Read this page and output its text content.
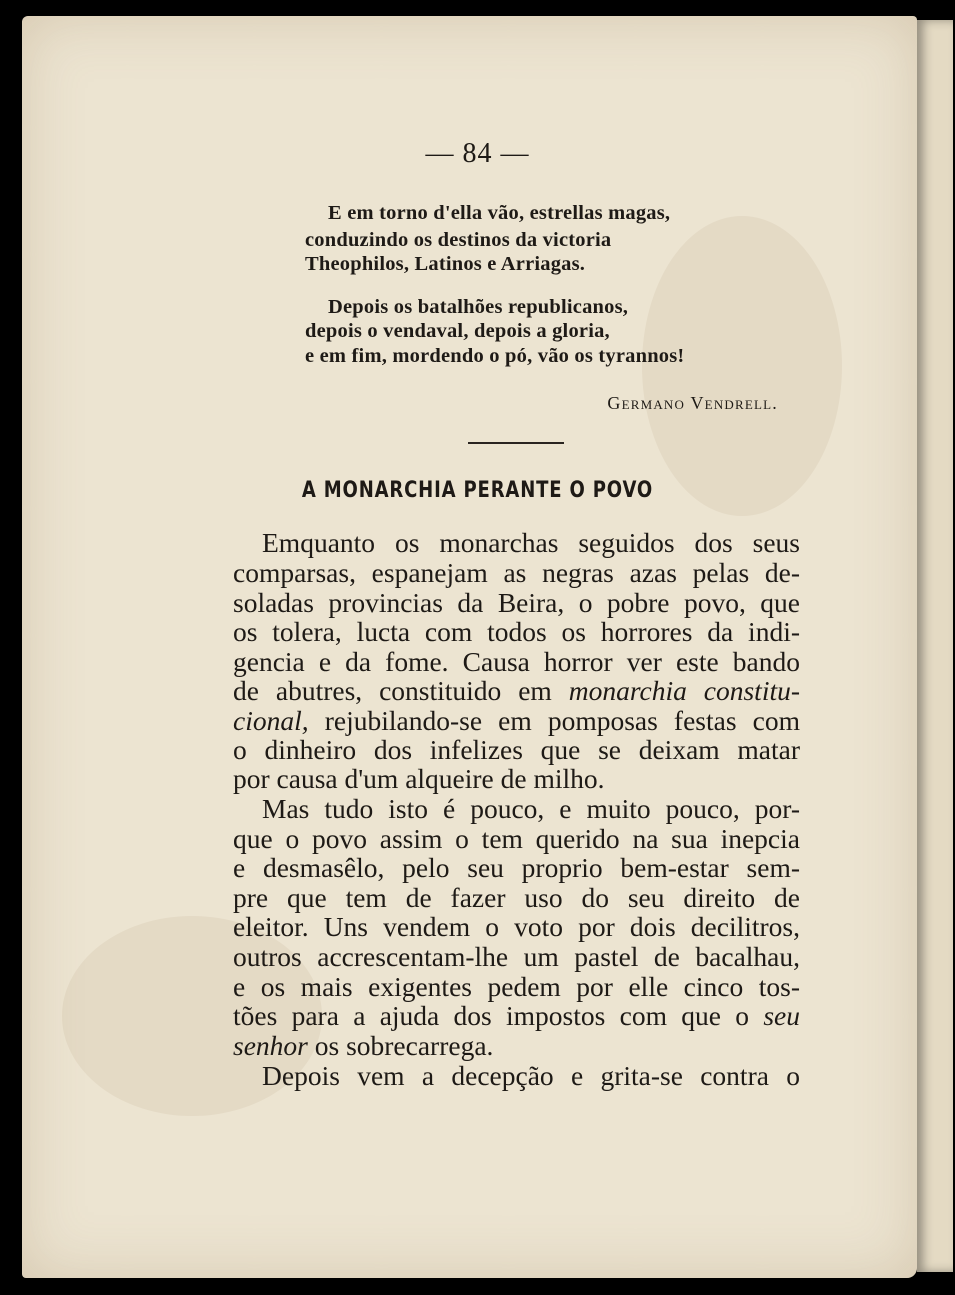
— 84 —
E em torno d'ella vão, estrellas magas,
conduzindo os destinos da victoria
Theophilos, Latinos e Arriagas.
Depois os batalhões republicanos,
depois o vendaval, depois a gloria,
e em fim, mordendo o pó, vão os tyrannos!
Germano Vendrell.
A MONARCHIA PERANTE O POVO
Emquanto os monarchas seguidos dos seus
comparsas, espanejam as negras azas pelas de-
soladas provincias da Beira, o pobre povo, que
os tolera, lucta com todos os horrores da indi-
gencia e da fome. Causa horror ver este bando
de abutres, constituido em monarchia constitu-
cional, rejubilando-se em pomposas festas com
o dinheiro dos infelizes que se deixam matar
por causa d'um alqueire de milho.
Mas tudo isto é pouco, e muito pouco, por-
que o povo assim o tem querido na sua inepcia
e desmasêlo, pelo seu proprio bem-estar sem-
pre que tem de fazer uso do seu direito de
eleitor. Uns vendem o voto por dois decilitros,
outros accrescentam-lhe um pastel de bacalhau,
e os mais exigentes pedem por elle cinco tos-
tões para a ajuda dos impostos com que o seu
senhor os sobrecarrega.
Depois vem a decepção e grita-se contra o
